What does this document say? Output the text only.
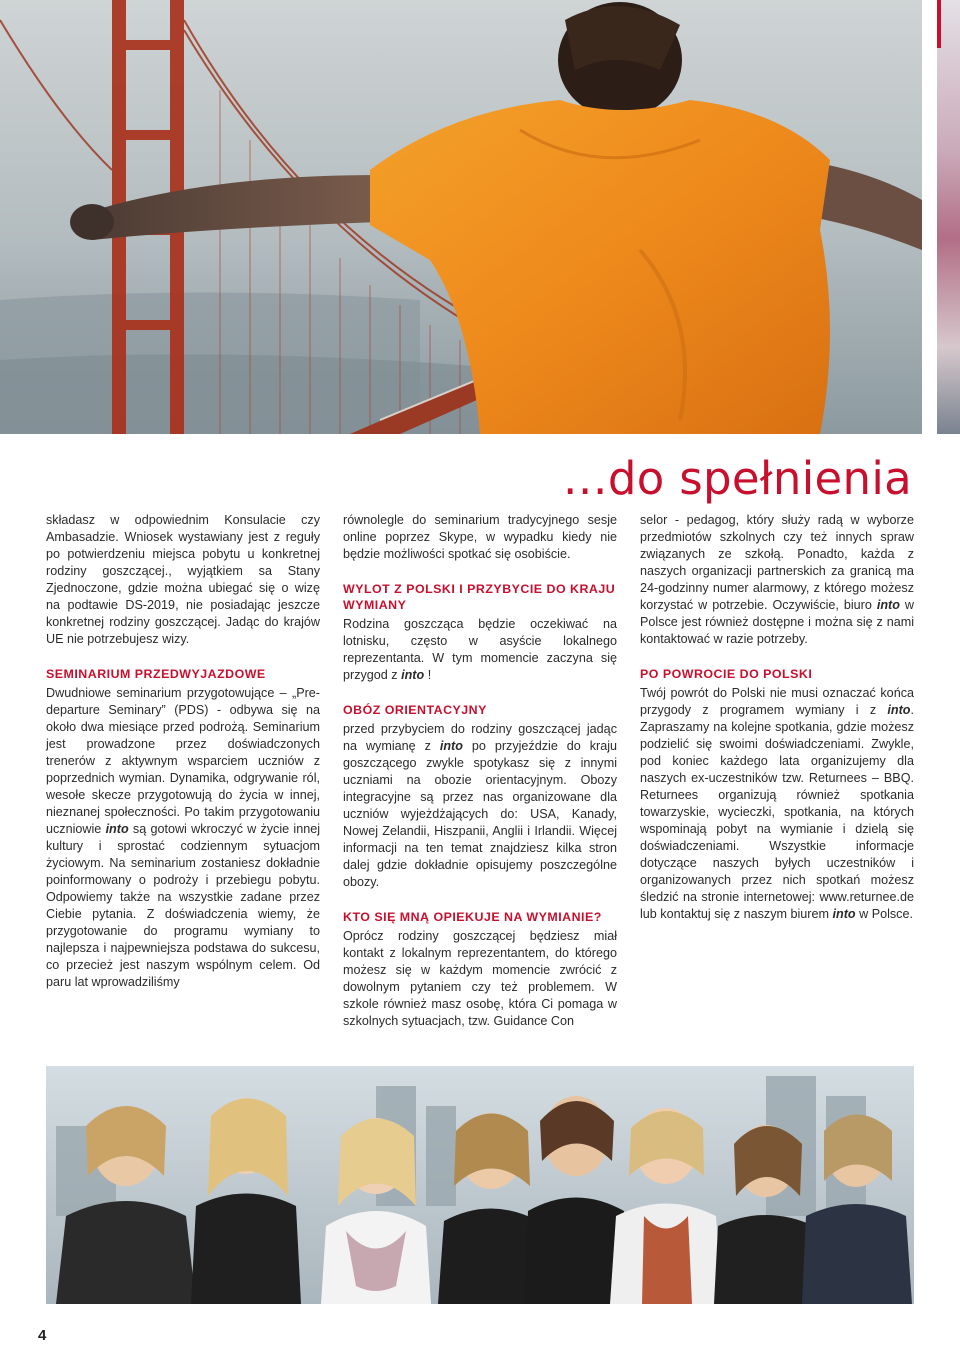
…do spełnienia

składasz w odpowiednim Konsulacie czy Ambasadzie. Wniosek wystawiany jest z reguły po potwierdzeniu miejsca pobytu u konkretnej rodziny goszczącej., wyjątkiem sa Stany Zjednoczone, gdzie można ubiegać się o wizę na podtawie DS-2019, nie posiadając jeszcze konkretnej rodziny goszczącej. Jadąc do krajów UE nie potrzebujesz wizy.

SEMINARIUM PRZEDWYJAZDOWE

Dwudniowe seminarium przygotowujące – „Pre-departure Seminary” (PDS) - odbywa się na około dwa miesiące przed podrożą. Seminarium jest prowadzone przez doświadczonych trenerów z aktywnym wsparciem uczniów z poprzednich wymian. Dynamika, odgrywanie ról, wesołe skecze przygotowują do życia w innej, nieznanej społeczności. Po takim przygotowaniu uczniowie into są gotowi wkroczyć w życie innej kultury i sprostać codziennym sytuacjom życiowym. Na seminarium zostaniesz dokładnie poinformowany o podroży i przebiegu pobytu. Odpowiemy także na wszystkie zadane przez Ciebie pytania. Z doświadczenia wiemy, że przygotowanie do programu wymiany to najlepsza i najpewniejsza podstawa do sukcesu, co przecież jest naszym wspólnym celem. Od paru lat wprowadziliśmy

równolegle do seminarium tradycyjnego sesje online poprzez Skype, w wypadku kiedy nie będzie możliwości spotkać się osobiście.

WYLOT Z POLSKI I PRZYBYCIE DO KRAJU WYMIANY

Rodzina goszcząca będzie oczekiwać na lotnisku, często w asyście lokalnego reprezentanta. W tym momencie zaczyna się przygod z into !

OBÓZ ORIENTACYJNY

przed przybyciem do rodziny goszczącej jadąc na wymianę z into po przyjeździe do kraju goszczącego zwykle spotykasz się z innymi uczniami na obozie orientacyjnym. Obozy integracyjne są przez nas organizowane dla uczniów wyjeżdżających do: USA, Kanady, Nowej Zelandii, Hiszpanii, Anglii i Irlandii. Więcej informacji na ten temat znajdziesz kilka stron dalej gdzie dokładnie opisujemy poszczególne obozy.

KTO SIĘ MNĄ OPIEKUJE NA WYMIANIE?

Oprócz rodziny goszczącej będziesz miał kontakt z lokalnym reprezentantem, do którego możesz się w każdym momencie zwrócić z dowolnym pytaniem czy też problemem. W szkole również masz osobę, która Ci pomaga w szkolnych sytuacjach, tzw. Guidance Con

selor - pedagog, który służy radą w wyborze przedmiotów szkolnych czy też innych spraw związanych ze szkołą. Ponadto, każda z naszych organizacji partnerskich za granicą ma 24-godzinny numer alarmowy, z którego możesz korzystać w potrzebie. Oczywiście, biuro into w Polsce jest również dostępne i można się z nami kontaktować w razie potrzeby.

PO POWROCIE DO POLSKI

Twój powrót do Polski nie musi oznaczać końca przygody z programem wymiany i z into. Zapraszamy na kolejne spotkania, gdzie możesz podzielić się swoimi doświadczeniami. Zwykle, pod koniec każdego lata organizujemy dla naszych ex-uczestników tzw. Returnees – BBQ. Returnees organizują również spotkania towarzyskie, wycieczki, spotkania, na których wspominają pobyt na wymianie i dzielą się doświadczeniami. Wszystkie informacje dotyczące naszych byłych uczestników i organizowanych przez nich spotkań możesz śledzić na stronie internetowej: www.returnee.de lub kontaktuj się z naszym biurem into w Polsce.

4
